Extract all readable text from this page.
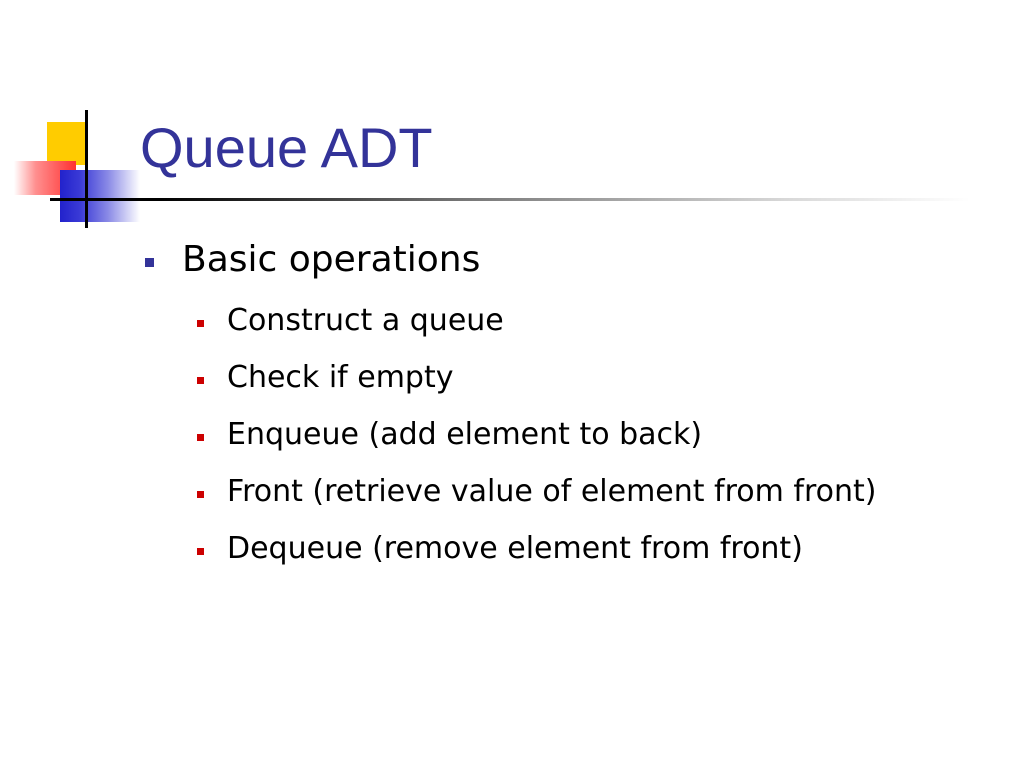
Queue ADT
Basic operations
Construct a queue
Check if empty
Enqueue (add element to back)
Front (retrieve value of element from front)
Dequeue (remove element from front)
